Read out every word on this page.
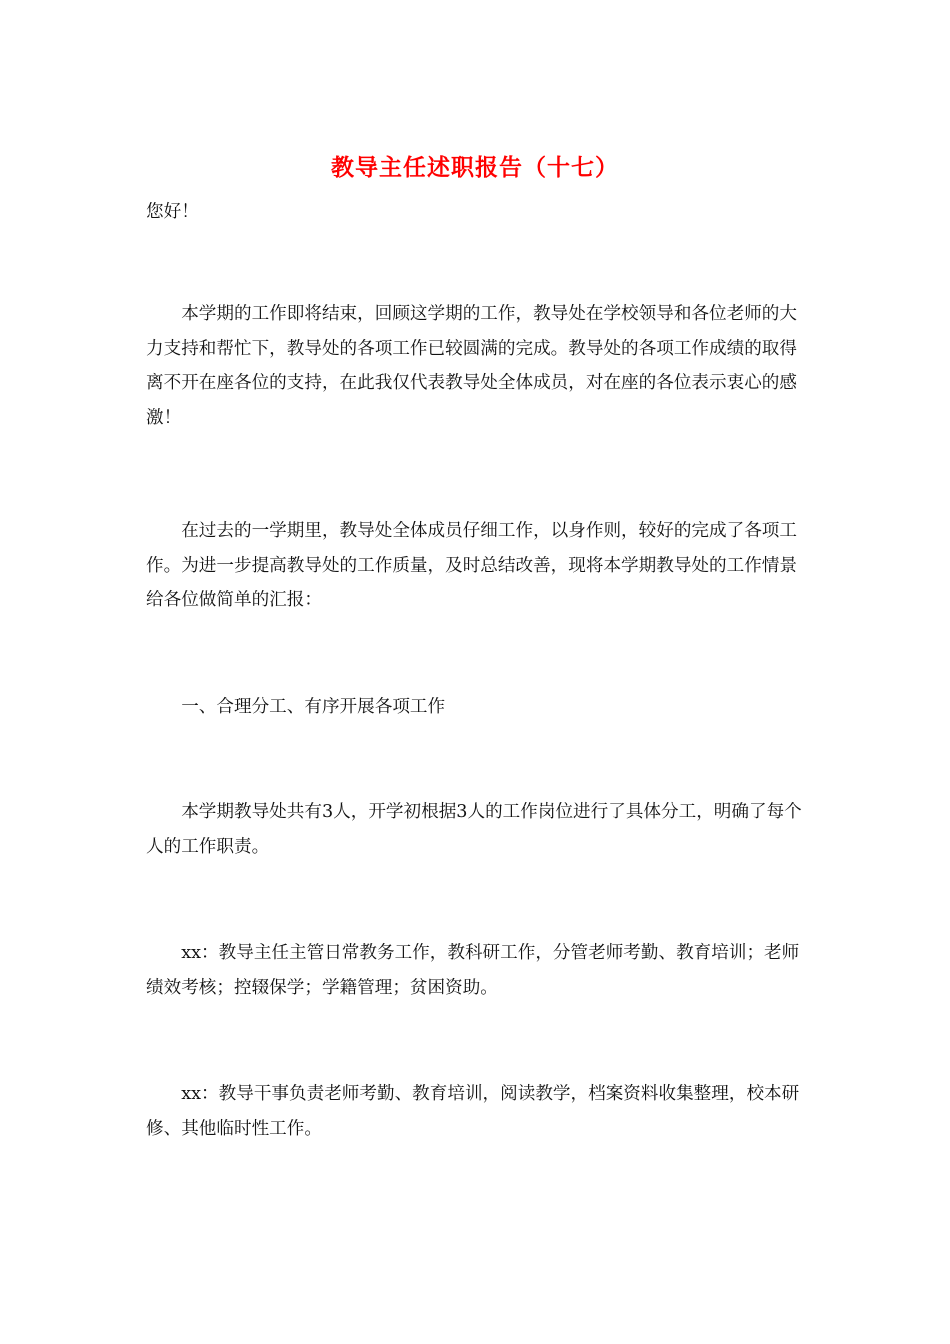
教导主任述职报告（十七）
您好！
本学期的工作即将结束，回顾这学期的工作，教导处在学校领导和各位老师的大力支持和帮忙下，教导处的各项工作已较圆满的完成。教导处的各项工作成绩的取得离不开在座各位的支持，在此我仅代表教导处全体成员，对在座的各位表示衷心的感激！
在过去的一学期里，教导处全体成员仔细工作，以身作则，较好的完成了各项工作。为进一步提高教导处的工作质量，及时总结改善，现将本学期教导处的工作情景给各位做简单的汇报：
一、合理分工、有序开展各项工作
本学期教导处共有3人，开学初根据3人的工作岗位进行了具体分工，明确了每个人的工作职责。
xx：教导主任主管日常教务工作，教科研工作，分管老师考勤、教育培训；老师绩效考核；控辍保学；学籍管理；贫困资助。
xx：教导干事负责老师考勤、教育培训，阅读教学，档案资料收集整理，校本研修、其他临时性工作。
